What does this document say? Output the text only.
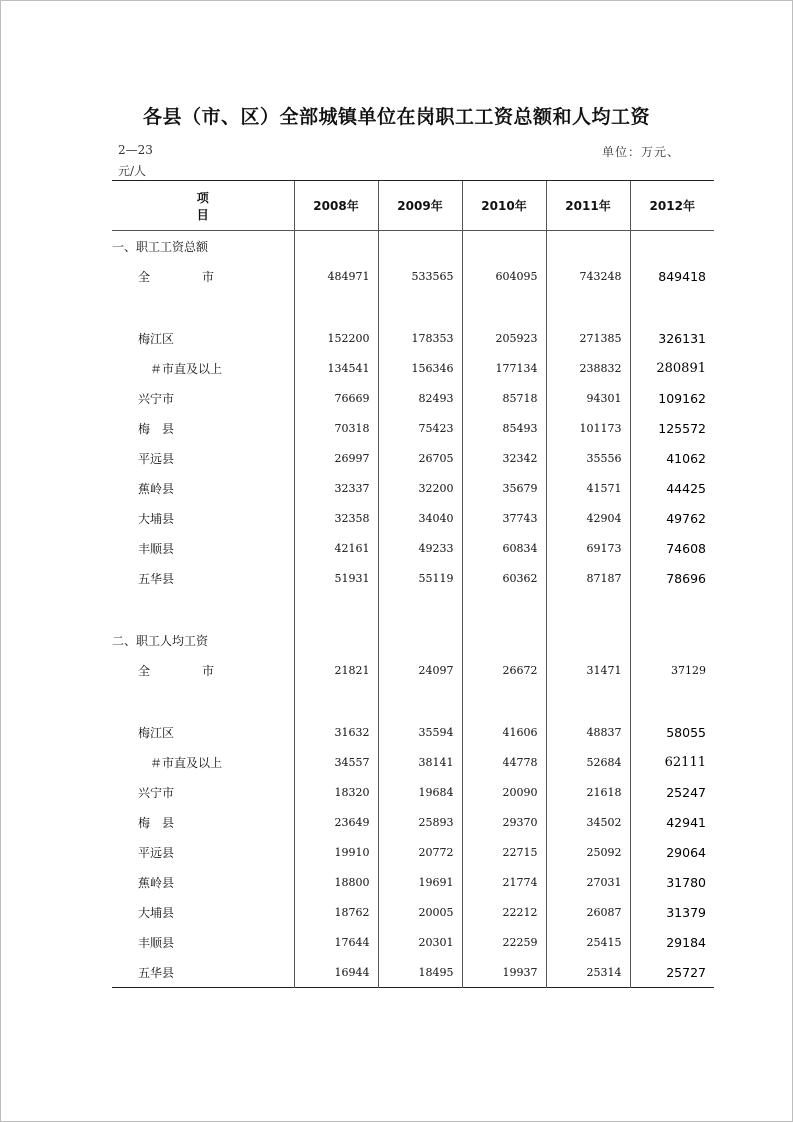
各县（市、区）全部城镇单位在岗职工工资总额和人均工资
2—23	单位：万元、
元/人
项　　目	2008年	2009年	2010年	2011年	2012年
一、职工工资总额					

全 市	484971	533565	604095	743248	849418

梅江区	152200	178353	205923	271385	326131
＃市直及以上	134541	156346	177134	238832	280891
兴宁市	76669	82493	85718	94301	109162
梅　县	70318	75423	85493	101173	125572
平远县	26997	26705	32342	35556	41062
蕉岭县	32337	32200	35679	41571	44425
大埔县	32358	34040	37743	42904	49762
丰顺县	42161	49233	60834	69173	74608
五华县	51931	55119	60362	87187	78696

二、职工人均工资					

全 市	21821	24097	26672	31471	37129

梅江区	31632	35594	41606	48837	58055
＃市直及以上	34557	38141	44778	52684	62111
兴宁市	18320	19684	20090	21618	25247
梅　县	23649	25893	29370	34502	42941
平远县	19910	20772	22715	25092	29064
蕉岭县	18800	19691	21774	27031	31780
大埔县	18762	20005	22212	26087	31379
丰顺县	17644	20301	22259	25415	29184
五华县	16944	18495	19937	25314	25727
